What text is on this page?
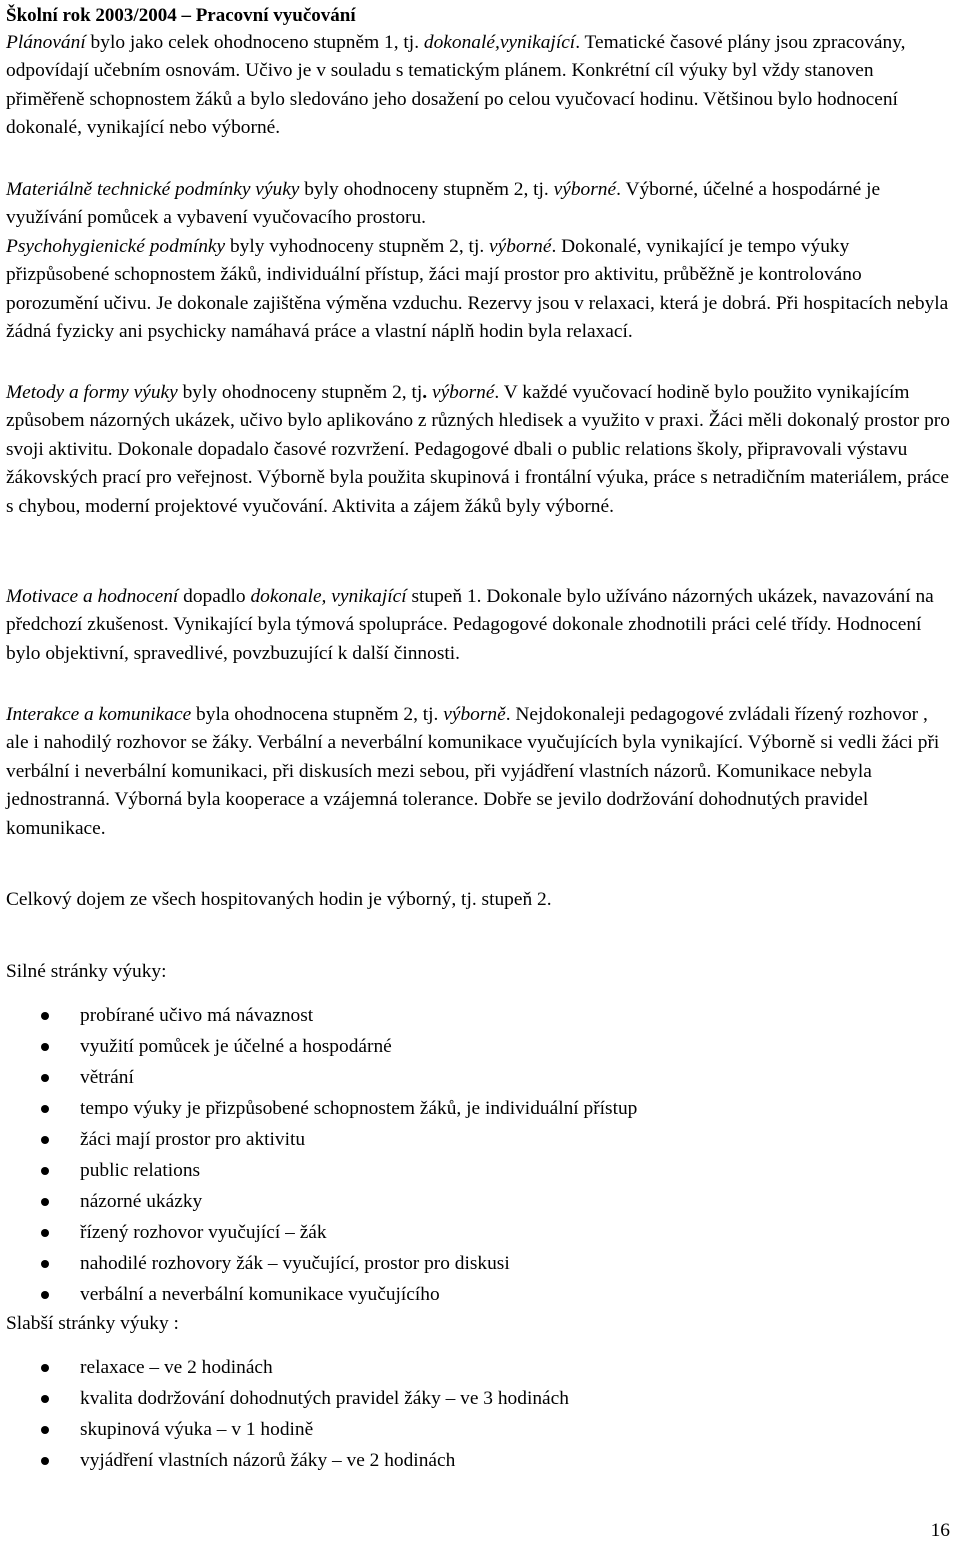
Školní rok 2003/2004 – Pracovní vyučování

Plánování bylo jako celek ohodnoceno stupněm 1, tj. dokonalé,vynikající. Tematické časové plány jsou zpracovány, odpovídají učebním osnovám. Učivo je v souladu s tematickým plánem. Konkrétní cíl výuky byl vždy stanoven přiměřeně schopnostem žáků a bylo sledováno jeho dosažení po celou vyučovací hodinu. Většinou bylo hodnocení dokonalé, vynikající nebo výborné.

Materiálně technické podmínky výuky byly ohodnoceny stupněm 2, tj. výborné. Výborné, účelné a hospodárné je využívání pomůcek a vybavení vyučovacího prostoru.

Psychohygienické podmínky byly vyhodnoceny stupněm 2, tj. výborné. Dokonalé, vynikající je tempo výuky přizpůsobené schopnostem žáků, individuální přístup, žáci mají prostor pro aktivitu, průběžně je kontrolováno porozumění učivu. Je dokonale zajištěna výměna vzduchu. Rezervy jsou v relaxaci, která je dobrá. Při hospitacích nebyla žádná fyzicky ani psychicky namáhavá práce a vlastní náplň hodin byla relaxací.

Metody a formy výuky byly ohodnoceny stupněm 2, tj. výborné. V každé vyučovací hodině bylo použito vynikajícím způsobem názorných ukázek, učivo bylo aplikováno z různých hledisek a využito v praxi. Žáci měli dokonalý prostor pro svoji aktivitu. Dokonale dopadalo časové rozvržení. Pedagogové dbali o public relations školy, připravovali výstavu žákovských prací pro veřejnost. Výborně byla použita skupinová i frontální výuka, práce s netradičním materiálem, práce s chybou, moderní projektové vyučování. Aktivita a zájem žáků byly výborné.

Motivace a hodnocení dopadlo dokonale, vynikající stupeň 1. Dokonale bylo užíváno názorných ukázek, navazování na předchozí zkušenost. Vynikající byla týmová spolupráce. Pedagogové dokonale zhodnotili práci celé třídy. Hodnocení bylo objektivní, spravedlivé, povzbuzující k další činnosti.

Interakce a komunikace byla ohodnocena stupněm 2, tj. výborně. Nejdokonaleji pedagogové zvládali řízený rozhovor , ale i nahodilý rozhovor se žáky. Verbální a neverbální komunikace vyučujících byla vynikající. Výborně si vedli žáci při verbální i neverbální komunikaci, při diskusích mezi sebou, při vyjádření vlastních názorů. Komunikace nebyla jednostranná. Výborná byla kooperace a vzájemná tolerance. Dobře se jevilo dodržování dohodnutých pravidel komunikace.

Celkový dojem ze všech hospitovaných hodin je výborný, tj. stupeň 2.
Silné stránky výuky:
probírané učivo má návaznost
využití pomůcek je účelné a hospodárné
větrání
tempo výuky je přizpůsobené schopnostem žáků, je individuální přístup
žáci mají prostor pro aktivitu
public relations
názorné ukázky
řízený rozhovor vyučující – žák
nahodilé rozhovory žák – vyučující, prostor pro diskusi
verbální a neverbální komunikace vyučujícího
Slabší stránky výuky :
relaxace – ve 2 hodinách
kvalita dodržování dohodnutých pravidel žáky – ve 3 hodinách
skupinová výuka – v 1 hodině
vyjádření vlastních názorů žáky – ve 2 hodinách
16
